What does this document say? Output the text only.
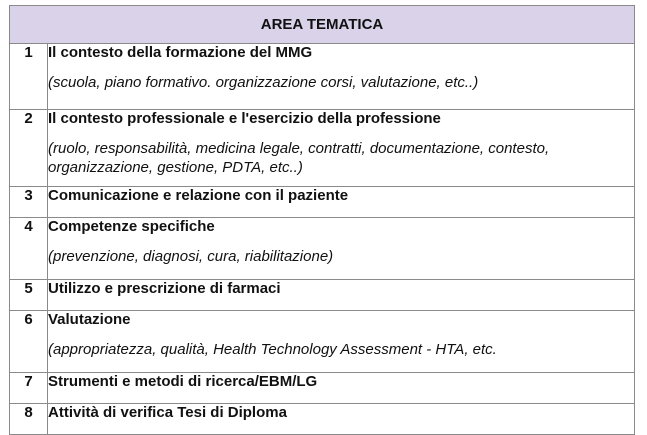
AREA TEMATICA	
1	Il contesto della formazione del MMG
(scuola, piano formativo. organizzazione corsi, valutazione, etc..)

2	Il contesto professionale e l'esercizio della professione
(ruolo, responsabilità, medicina legale, contratti, documentazione, contesto, organizzazione, gestione, PDTA, etc..)

3	Comunicazione e relazione con il paziente

4	Competenze specifiche
(prevenzione, diagnosi, cura, riabilitazione)

5	Utilizzo e prescrizione di farmaci

6	Valutazione
(appropriatezza, qualità, Health Technology Assessment - HTA, etc.

7	Strumenti e metodi di ricerca/EBM/LG

8	Attività di verifica Tesi di Diploma
